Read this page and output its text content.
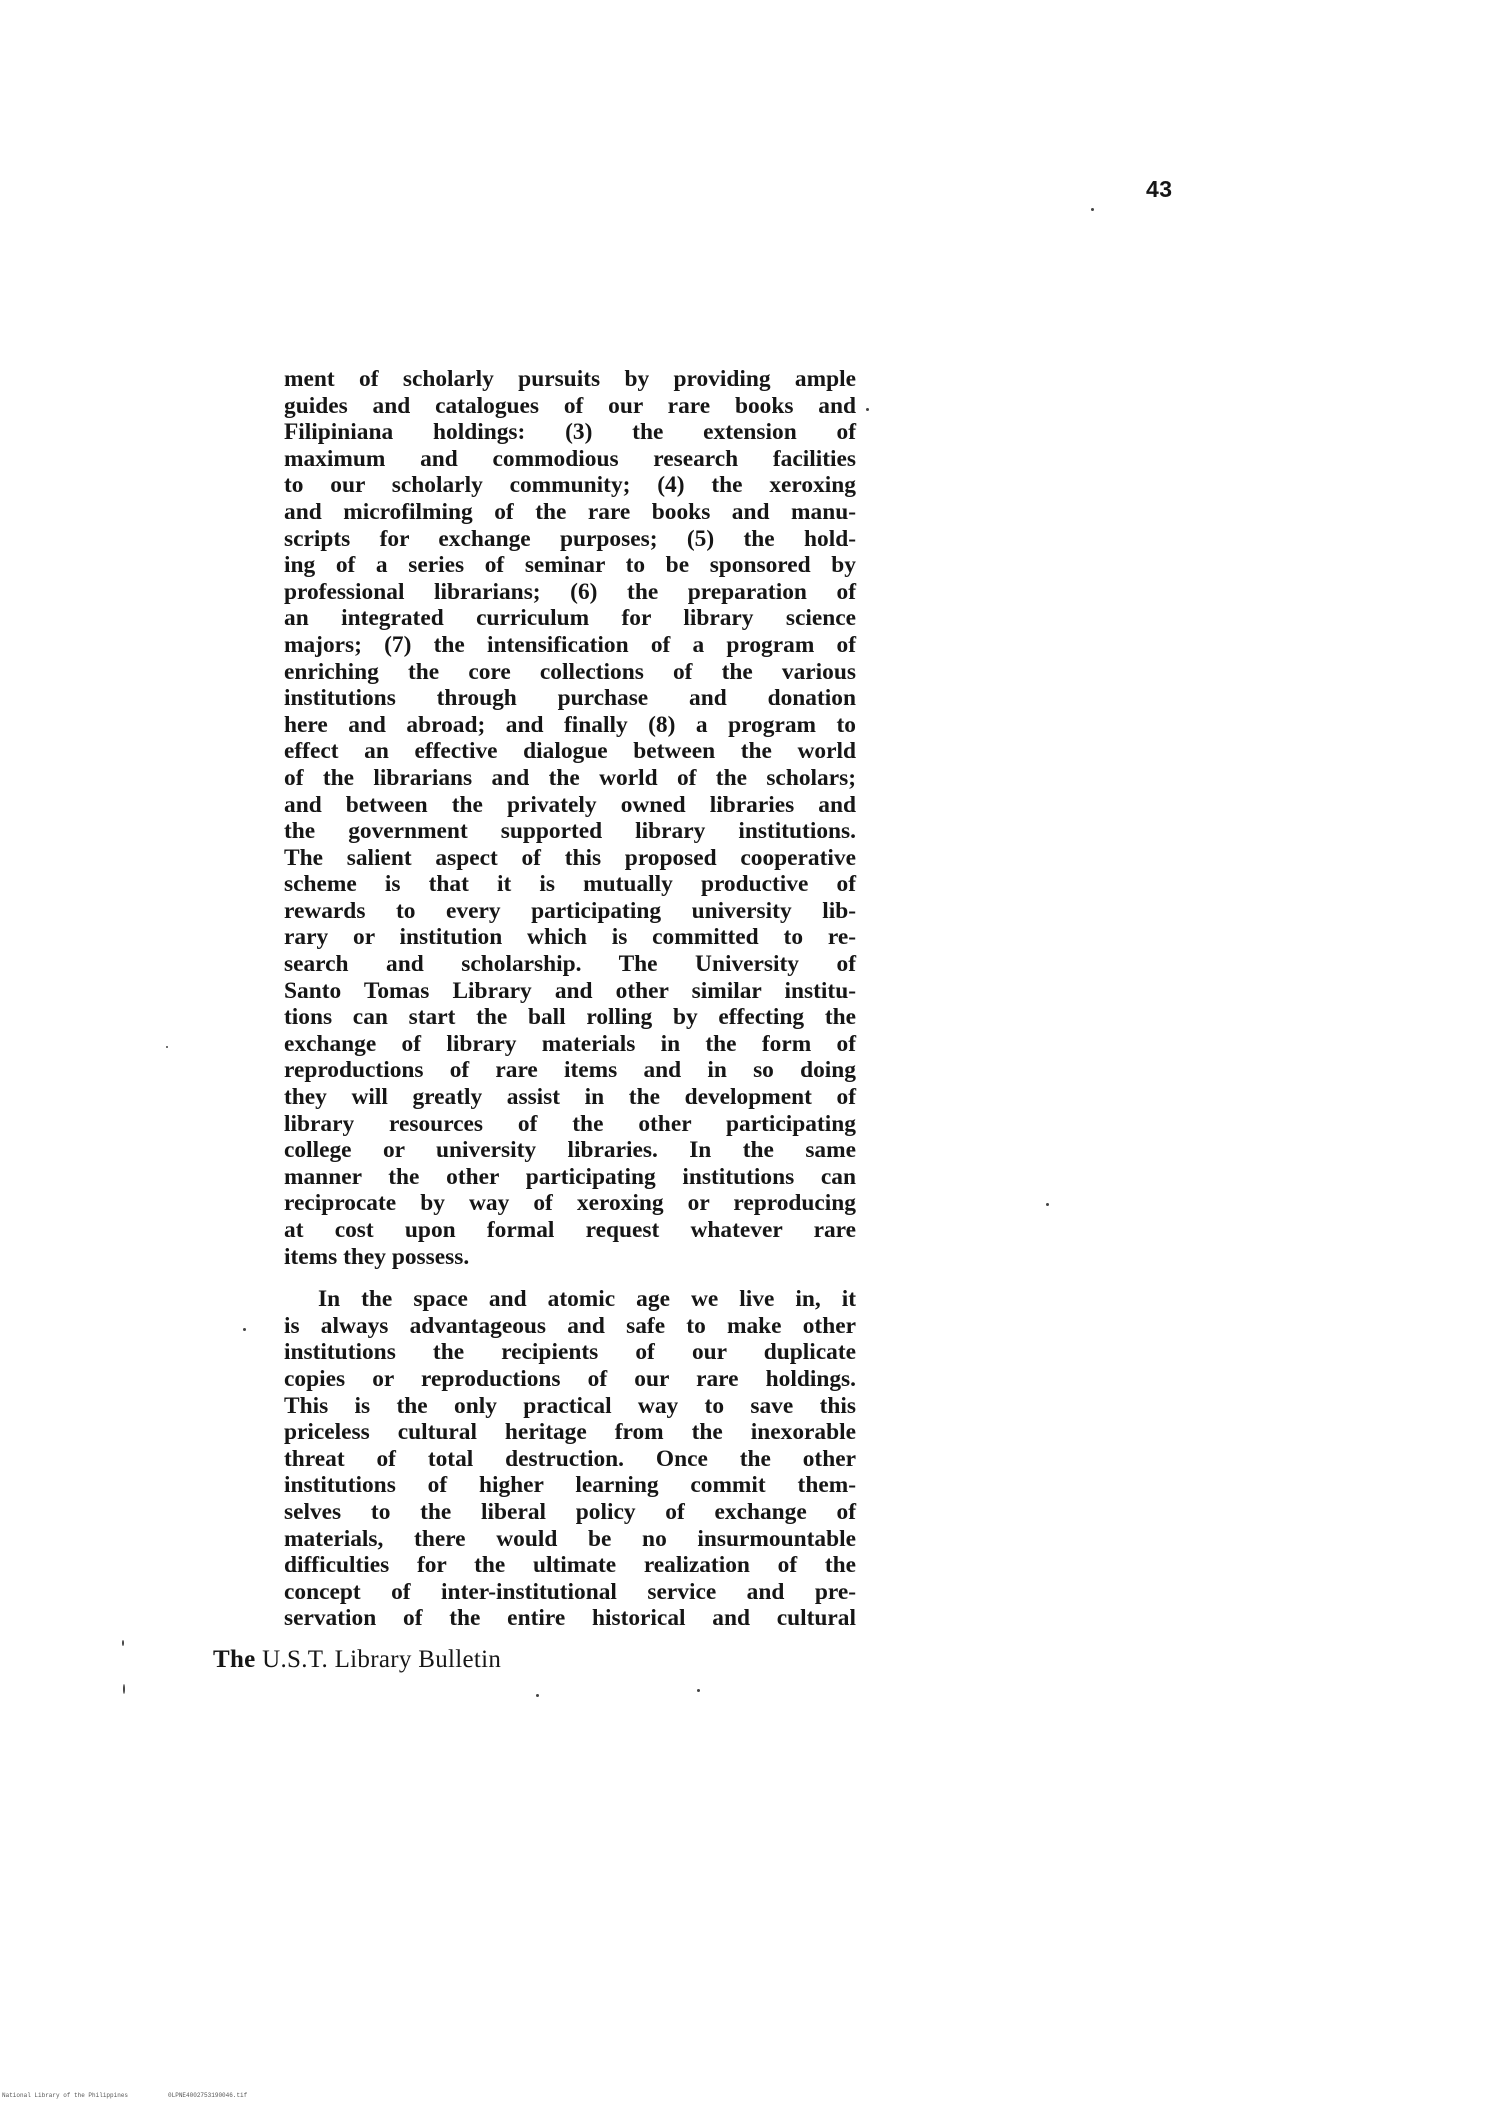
43
ment of scholarly pursuits by providing ample
guides and catalogues of our rare books and
Filipiniana holdings: (3) the extension of
maximum and commodious research facilities
to our scholarly community; (4) the xeroxing
and microfilming of the rare books and manu-
scripts for exchange purposes; (5) the hold-
ing of a series of seminar to be sponsored by
professional librarians; (6) the preparation of
an integrated curriculum for library science
majors; (7) the intensification of a program of
enriching the core collections of the various
institutions through purchase and donation
here and abroad; and finally (8) a program to
effect an effective dialogue between the world
of the librarians and the world of the scholars;
and between the privately owned libraries and
the government supported library institutions.
The salient aspect of this proposed cooperative
scheme is that it is mutually productive of
rewards to every participating university lib-
rary or institution which is committed to re-
search and scholarship. The University of
Santo Tomas Library and other similar institu-
tions can start the ball rolling by effecting the
exchange of library materials in the form of
reproductions of rare items and in so doing
they will greatly assist in the development of
library resources of the other participating
college or university libraries. In the same
manner the other participating institutions can
reciprocate by way of xeroxing or reproducing
at cost upon formal request whatever rare
items they possess.
In the space and atomic age we live in, it
is always advantageous and safe to make other
institutions the recipients of our duplicate
copies or reproductions of our rare holdings.
This is the only practical way to save this
priceless cultural heritage from the inexorable
threat of total destruction. Once the other
institutions of higher learning commit them-
selves to the liberal policy of exchange of
materials, there would be no insurmountable
difficulties for the ultimate realization of the
concept of inter-institutional service and pre-
servation of the entire historical and cultural
The U.S.T. Library Bulletin
National Library of the Philippines	0LPNE4002753190046.tif
